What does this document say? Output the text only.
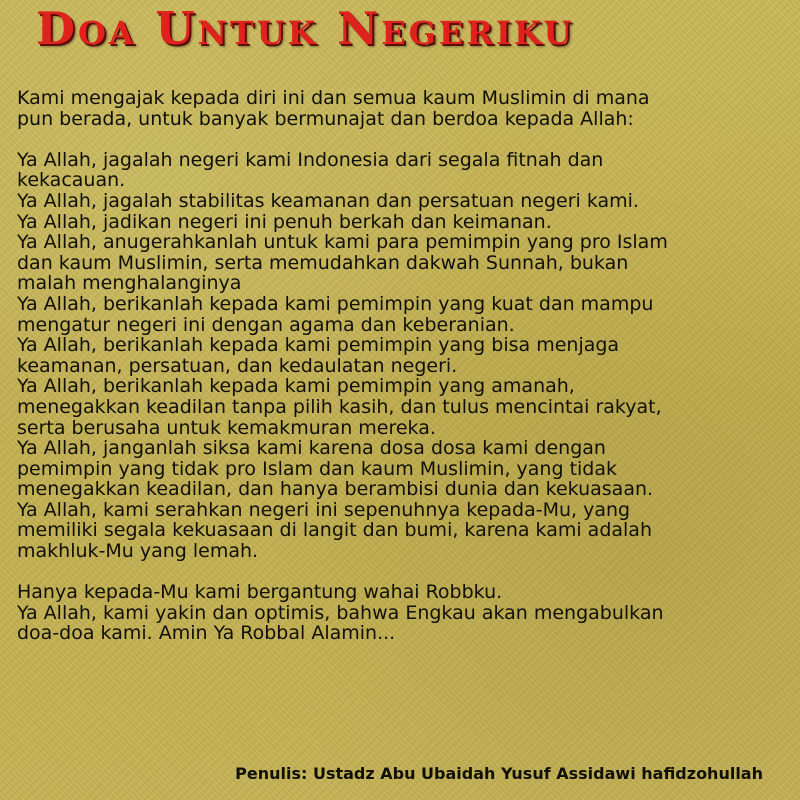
Doa Untuk Negeriku

Kami mengajak kepada diri ini dan semua kaum Muslimin di mana
pun berada, untuk banyak bermunajat dan berdoa kepada Allah:

Ya Allah, jagalah negeri kami Indonesia dari segala fitnah dan
kekacauan.
Ya Allah, jagalah stabilitas keamanan dan persatuan negeri kami.
Ya Allah, jadikan negeri ini penuh berkah dan keimanan.
Ya Allah, anugerahkanlah untuk kami para pemimpin yang pro Islam
dan kaum Muslimin, serta memudahkan dakwah Sunnah, bukan
malah menghalanginya
Ya Allah, berikanlah kepada kami pemimpin yang kuat dan mampu
mengatur negeri ini dengan agama dan keberanian.
Ya Allah, berikanlah kepada kami pemimpin yang bisa menjaga
keamanan, persatuan, dan kedaulatan negeri.
Ya Allah, berikanlah kepada kami pemimpin yang amanah,
menegakkan keadilan tanpa pilih kasih, dan tulus mencintai rakyat,
serta berusaha untuk kemakmuran mereka.
Ya Allah, janganlah siksa kami karena dosa dosa kami dengan
pemimpin yang tidak pro Islam dan kaum Muslimin, yang tidak
menegakkan keadilan, dan hanya berambisi dunia dan kekuasaan.
Ya Allah, kami serahkan negeri ini sepenuhnya kepada-Mu, yang
memiliki segala kekuasaan di langit dan bumi, karena kami adalah
makhluk-Mu yang lemah.

Hanya kepada-Mu kami bergantung wahai Robbku.
Ya Allah, kami yakin dan optimis, bahwa Engkau akan mengabulkan
doa-doa kami. Amin Ya Robbal Alamin...

Penulis: Ustadz Abu Ubaidah Yusuf Assidawi hafidzohullah
